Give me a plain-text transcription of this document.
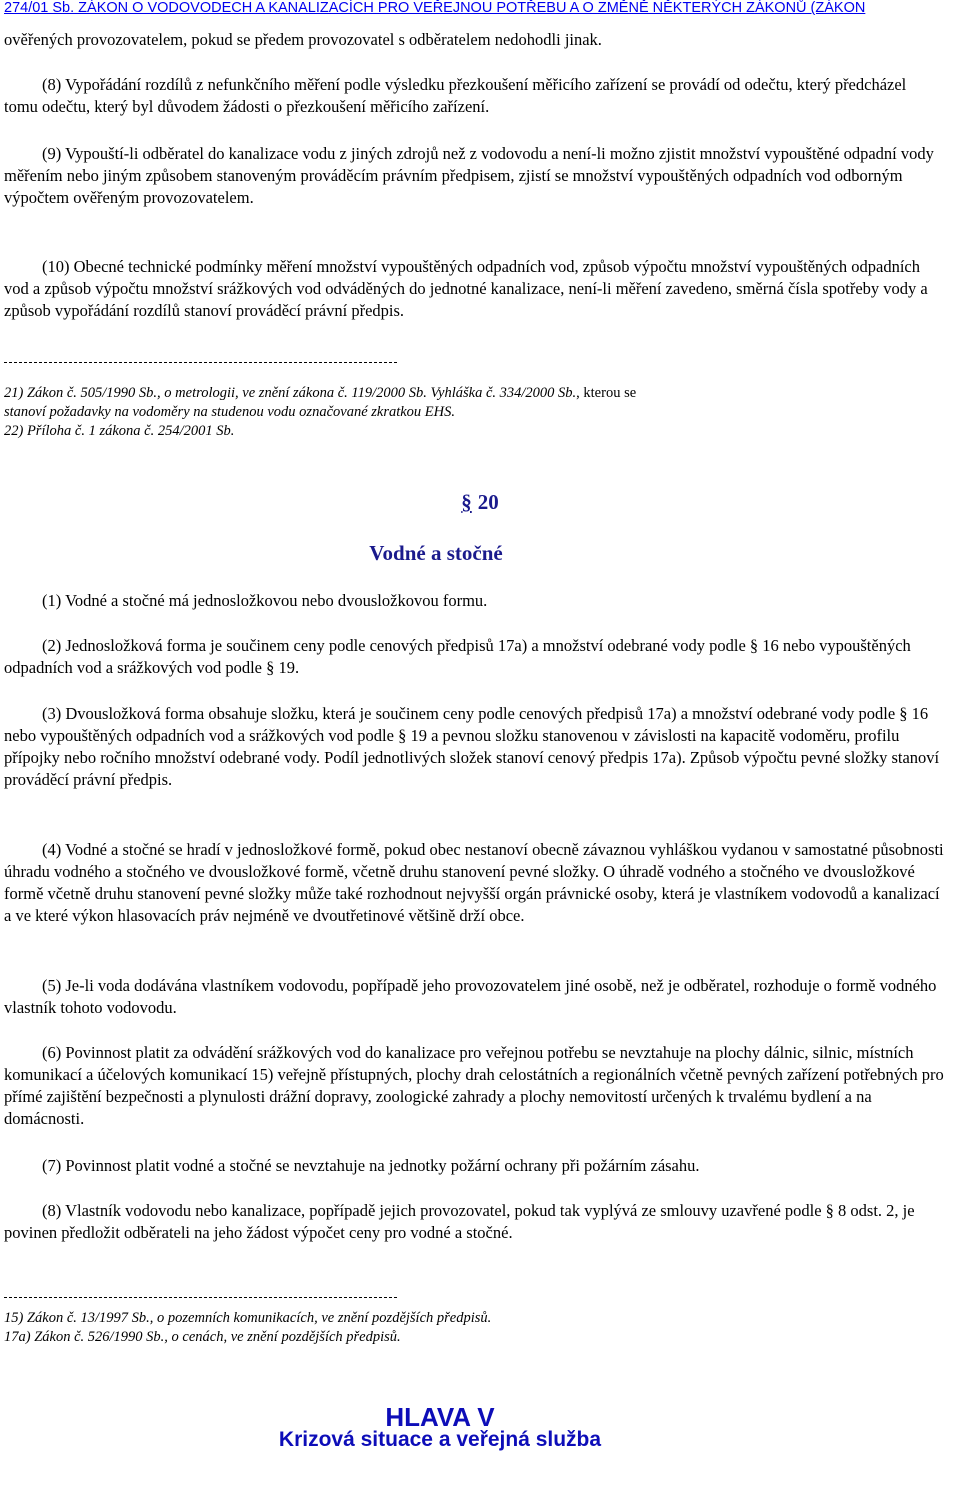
274/01 Sb. ZÁKON O VODOVODECH A KANALIZACÍCH PRO VEŘEJNOU POTŘEBU A O ZMĚNĚ NĚKTERÝCH ZÁKONŮ (ZÁKON

ověřených provozovatelem, pokud se předem provozovatel s odběratelem nedohodli jinak.

(8) Vypořádání rozdílů z nefunkčního měření podle výsledku přezkoušení měřicího zařízení se provádí od odečtu, který předcházel tomu odečtu, který byl důvodem žádosti o přezkoušení měřicího zařízení.

(9) Vypouští-li odběratel do kanalizace vodu z jiných zdrojů než z vodovodu a není-li možno zjistit množství vypouštěné odpadní vody měřením nebo jiným způsobem stanoveným prováděcím právním předpisem, zjistí se množství vypouštěných odpadních vod odborným výpočtem ověřeným provozovatelem.

(10) Obecné technické podmínky měření množství vypouštěných odpadních vod, způsob výpočtu množství vypouštěných odpadních vod a způsob výpočtu množství srážkových vod odváděných do jednotné kanalizace, není-li měření zavedeno, směrná čísla spotřeby vody a způsob vypořádání rozdílů stanoví prováděcí právní předpis.

21) Zákon č. 505/1990 Sb., o metrologii, ve znění zákona č. 119/2000 Sb. Vyhláška č. 334/2000 Sb., kterou se

stanoví požadavky na vodoměry na studenou vodu označované zkratkou EHS.

22) Příloha č. 1 zákona č. 254/2001 Sb.

§ 20
Vodné a stočné

(1) Vodné a stočné má jednosložkovou nebo dvousložkovou formu.

(2) Jednosložková forma je součinem ceny podle cenových předpisů 17a) a množství odebrané vody podle § 16 nebo vypouštěných odpadních vod a srážkových vod podle § 19.

(3) Dvousložková forma obsahuje složku, která je součinem ceny podle cenových předpisů 17a) a množství odebrané vody podle § 16 nebo vypouštěných odpadních vod a srážkových vod podle § 19 a pevnou složku stanovenou v závislosti na kapacitě vodoměru, profilu přípojky nebo ročního množství odebrané vody. Podíl jednotlivých složek stanoví cenový předpis 17a). Způsob výpočtu pevné složky stanoví prováděcí právní předpis.

(4) Vodné a stočné se hradí v jednosložkové formě, pokud obec nestanoví obecně závaznou vyhláškou vydanou v samostatné působnosti úhradu vodného a stočného ve dvousložkové formě, včetně druhu stanovení pevné složky. O úhradě vodného a stočného ve dvousložkové formě včetně druhu stanovení pevné složky může také rozhodnout nejvyšší orgán právnické osoby, která je vlastníkem vodovodů a kanalizací a ve které výkon hlasovacích práv nejméně ve dvoutřetinové většině drží obce.

(5) Je-li voda dodávána vlastníkem vodovodu, popřípadě jeho provozovatelem jiné osobě, než je odběratel, rozhoduje o formě vodného vlastník tohoto vodovodu.

(6) Povinnost platit za odvádění srážkových vod do kanalizace pro veřejnou potřebu se nevztahuje na plochy dálnic, silnic, místních komunikací a účelových komunikací 15) veřejně přístupných, plochy drah celostátních a regionálních včetně pevných zařízení potřebných pro přímé zajištění bezpečnosti a plynulosti drážní dopravy, zoologické zahrady a plochy nemovitostí určených k trvalému bydlení a na domácnosti.

(7) Povinnost platit vodné a stočné se nevztahuje na jednotky požární ochrany při požárním zásahu.

(8) Vlastník vodovodu nebo kanalizace, popřípadě jejich provozovatel, pokud tak vyplývá ze smlouvy uzavřené podle § 8 odst. 2, je povinen předložit odběrateli na jeho žádost výpočet ceny pro vodné a stočné.

15) Zákon č. 13/1997 Sb., o pozemních komunikacích, ve znění pozdějších předpisů.

17a) Zákon č. 526/1990 Sb., o cenách, ve znění pozdějších předpisů.

HLAVA V
Krizová situace a veřejná služba
